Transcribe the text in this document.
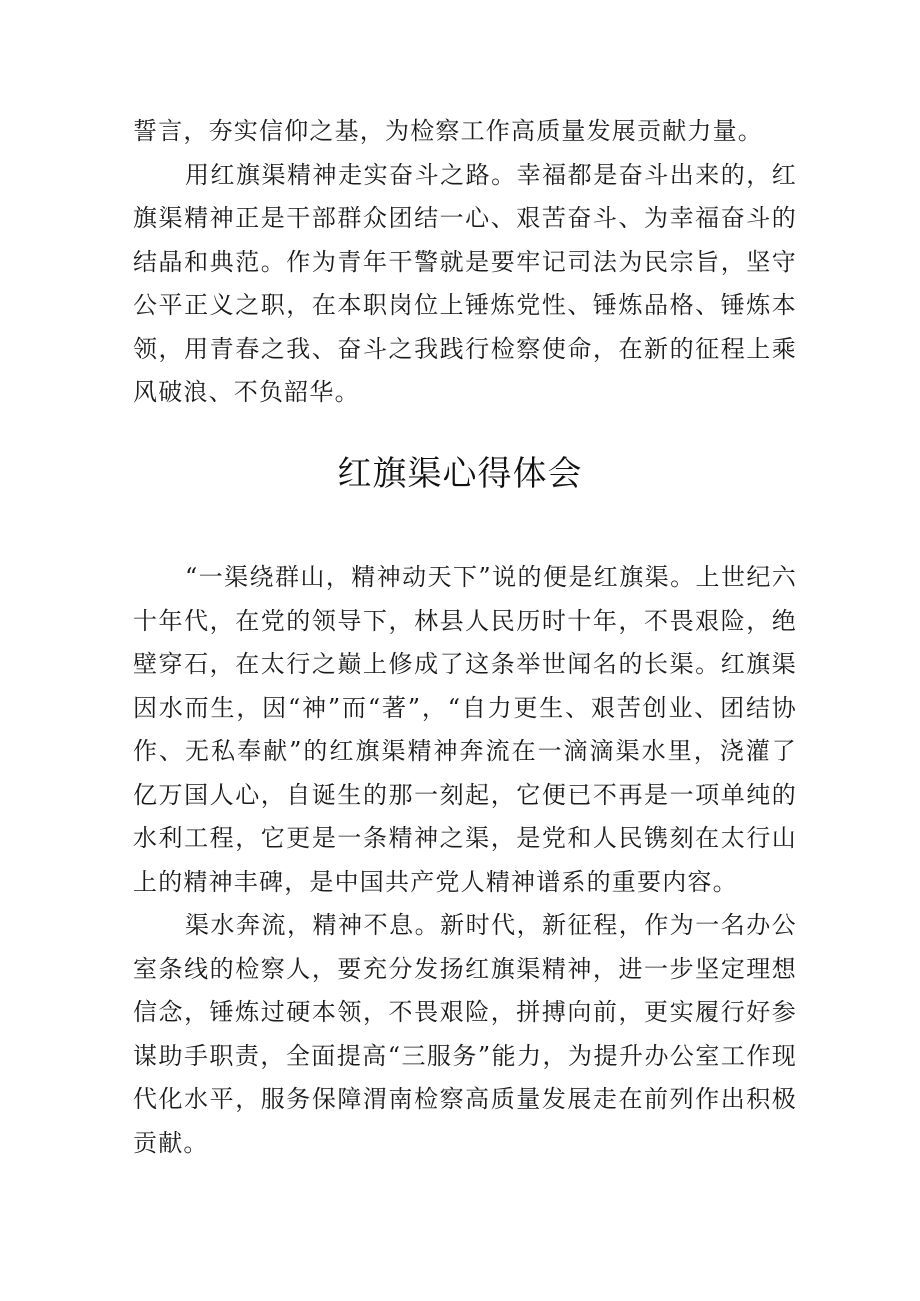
誓言，夯实信仰之基，为检察工作高质量发展贡献力量。

用红旗渠精神走实奋斗之路。幸福都是奋斗出来的，红旗渠精神正是干部群众团结一心、艰苦奋斗、为幸福奋斗的结晶和典范。作为青年干警就是要牢记司法为民宗旨，坚守公平正义之职，在本职岗位上锤炼党性、锤炼品格、锤炼本领，用青春之我、奋斗之我践行检察使命，在新的征程上乘风破浪、不负韶华。

红旗渠心得体会

“一渠绕群山，精神动天下”说的便是红旗渠。上世纪六十年代，在党的领导下，林县人民历时十年，不畏艰险，绝壁穿石，在太行之巅上修成了这条举世闻名的长渠。红旗渠因水而生，因“神”而“著”，“自力更生、艰苦创业、团结协作、无私奉献”的红旗渠精神奔流在一滴滴渠水里，浇灌了亿万国人心，自诞生的那一刻起，它便已不再是一项单纯的水利工程，它更是一条精神之渠，是党和人民镌刻在太行山上的精神丰碑，是中国共产党人精神谱系的重要内容。

渠水奔流，精神不息。新时代，新征程，作为一名办公室条线的检察人，要充分发扬红旗渠精神，进一步坚定理想信念，锤炼过硬本领，不畏艰险，拼搏向前，更实履行好参谋助手职责，全面提高“三服务”能力，为提升办公室工作现代化水平，服务保障渭南检察高质量发展走在前列作出积极贡献。
